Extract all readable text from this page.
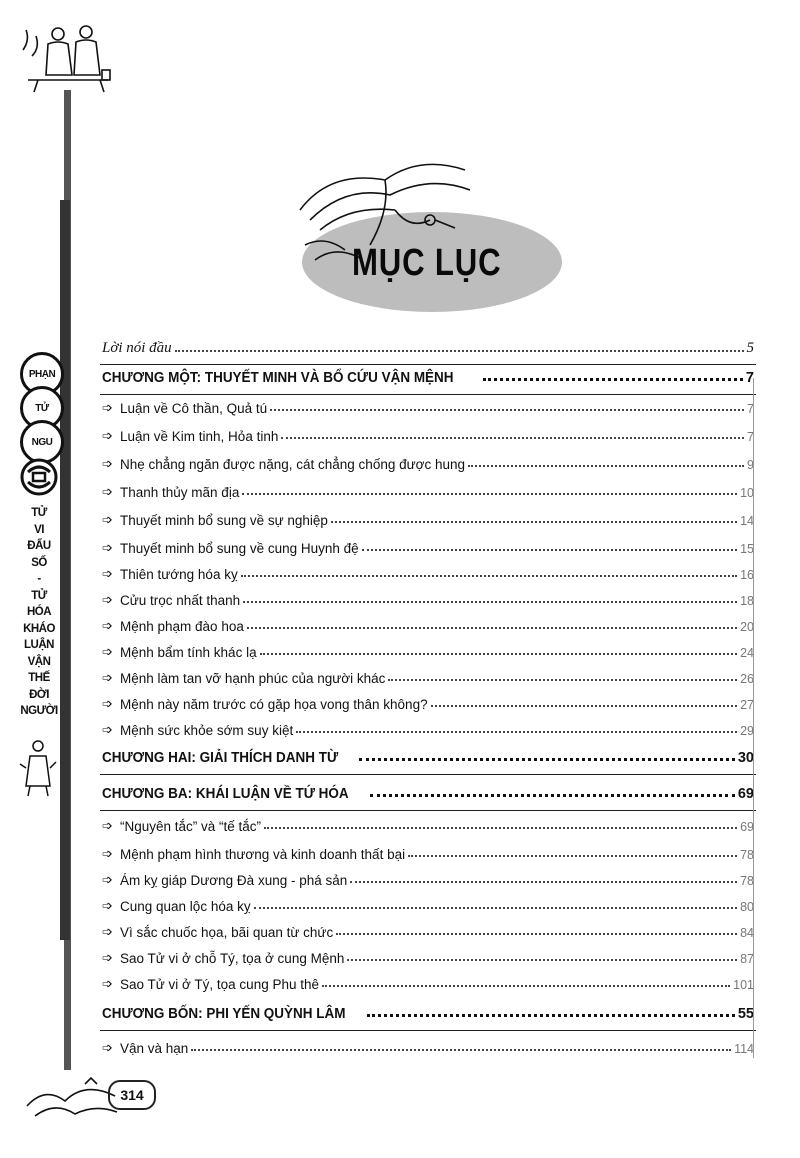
PHẠN
TỬ
NGU
TỬ
VI
ĐẨU
SỐ
-
TỬ
HÓA
KHÁO
LUẬN
VẬN
THẾ
ĐỜI
NGƯỜI
MỤC LỤC
Lời nói đầu	5
CHƯƠNG MỘT: THUYẾT MINH VÀ BỔ CỨU VẬN MỆNH	7
➩ Luận về Cô thần, Quả tú	7
➩ Luận về Kim tinh, Hỏa tinh	7
➩ Nhẹ chẳng ngăn được nặng, cát chẳng chống được hung	9
➩ Thanh thủy mãn địa	10
➩ Thuyết minh bổ sung về sự nghiệp	14
➩ Thuyết minh bổ sung về cung Huynh đệ	15
➩ Thiên tướng hóa kỵ	16
➩ Cửu trọc nhất thanh	18
➩ Mệnh phạm đào hoa	20
➩ Mệnh bẩm tính khác lạ	24
➩ Mệnh làm tan vỡ hạnh phúc của người khác	26
➩ Mệnh này năm trước có gặp họa vong thân không?	27
➩ Mệnh sức khỏe sớm suy kiệt	29
CHƯƠNG HAI: GIẢI THÍCH DANH TỪ	30
CHƯƠNG BA: KHÁI LUẬN VỀ TỨ HÓA	69
➩ “Nguyên tắc” và “tế tắc”	69
➩ Mệnh phạm hình thương và kinh doanh thất bại	78
➩ Ám kỵ giáp Dương Đà xung - phá sản	78
➩ Cung quan lộc hóa kỵ	80
➩ Vì sắc chuốc họa, bãi quan từ chức	84
➩ Sao Tử vi ở chỗ Tý, tọa ở cung Mệnh	87
➩ Sao Tử vi ở Tý, tọa cung Phu thê	101
CHƯƠNG BỐN: PHI YẾN QUỲNH LÂM	55
➩ Vận và hạn	114
314
